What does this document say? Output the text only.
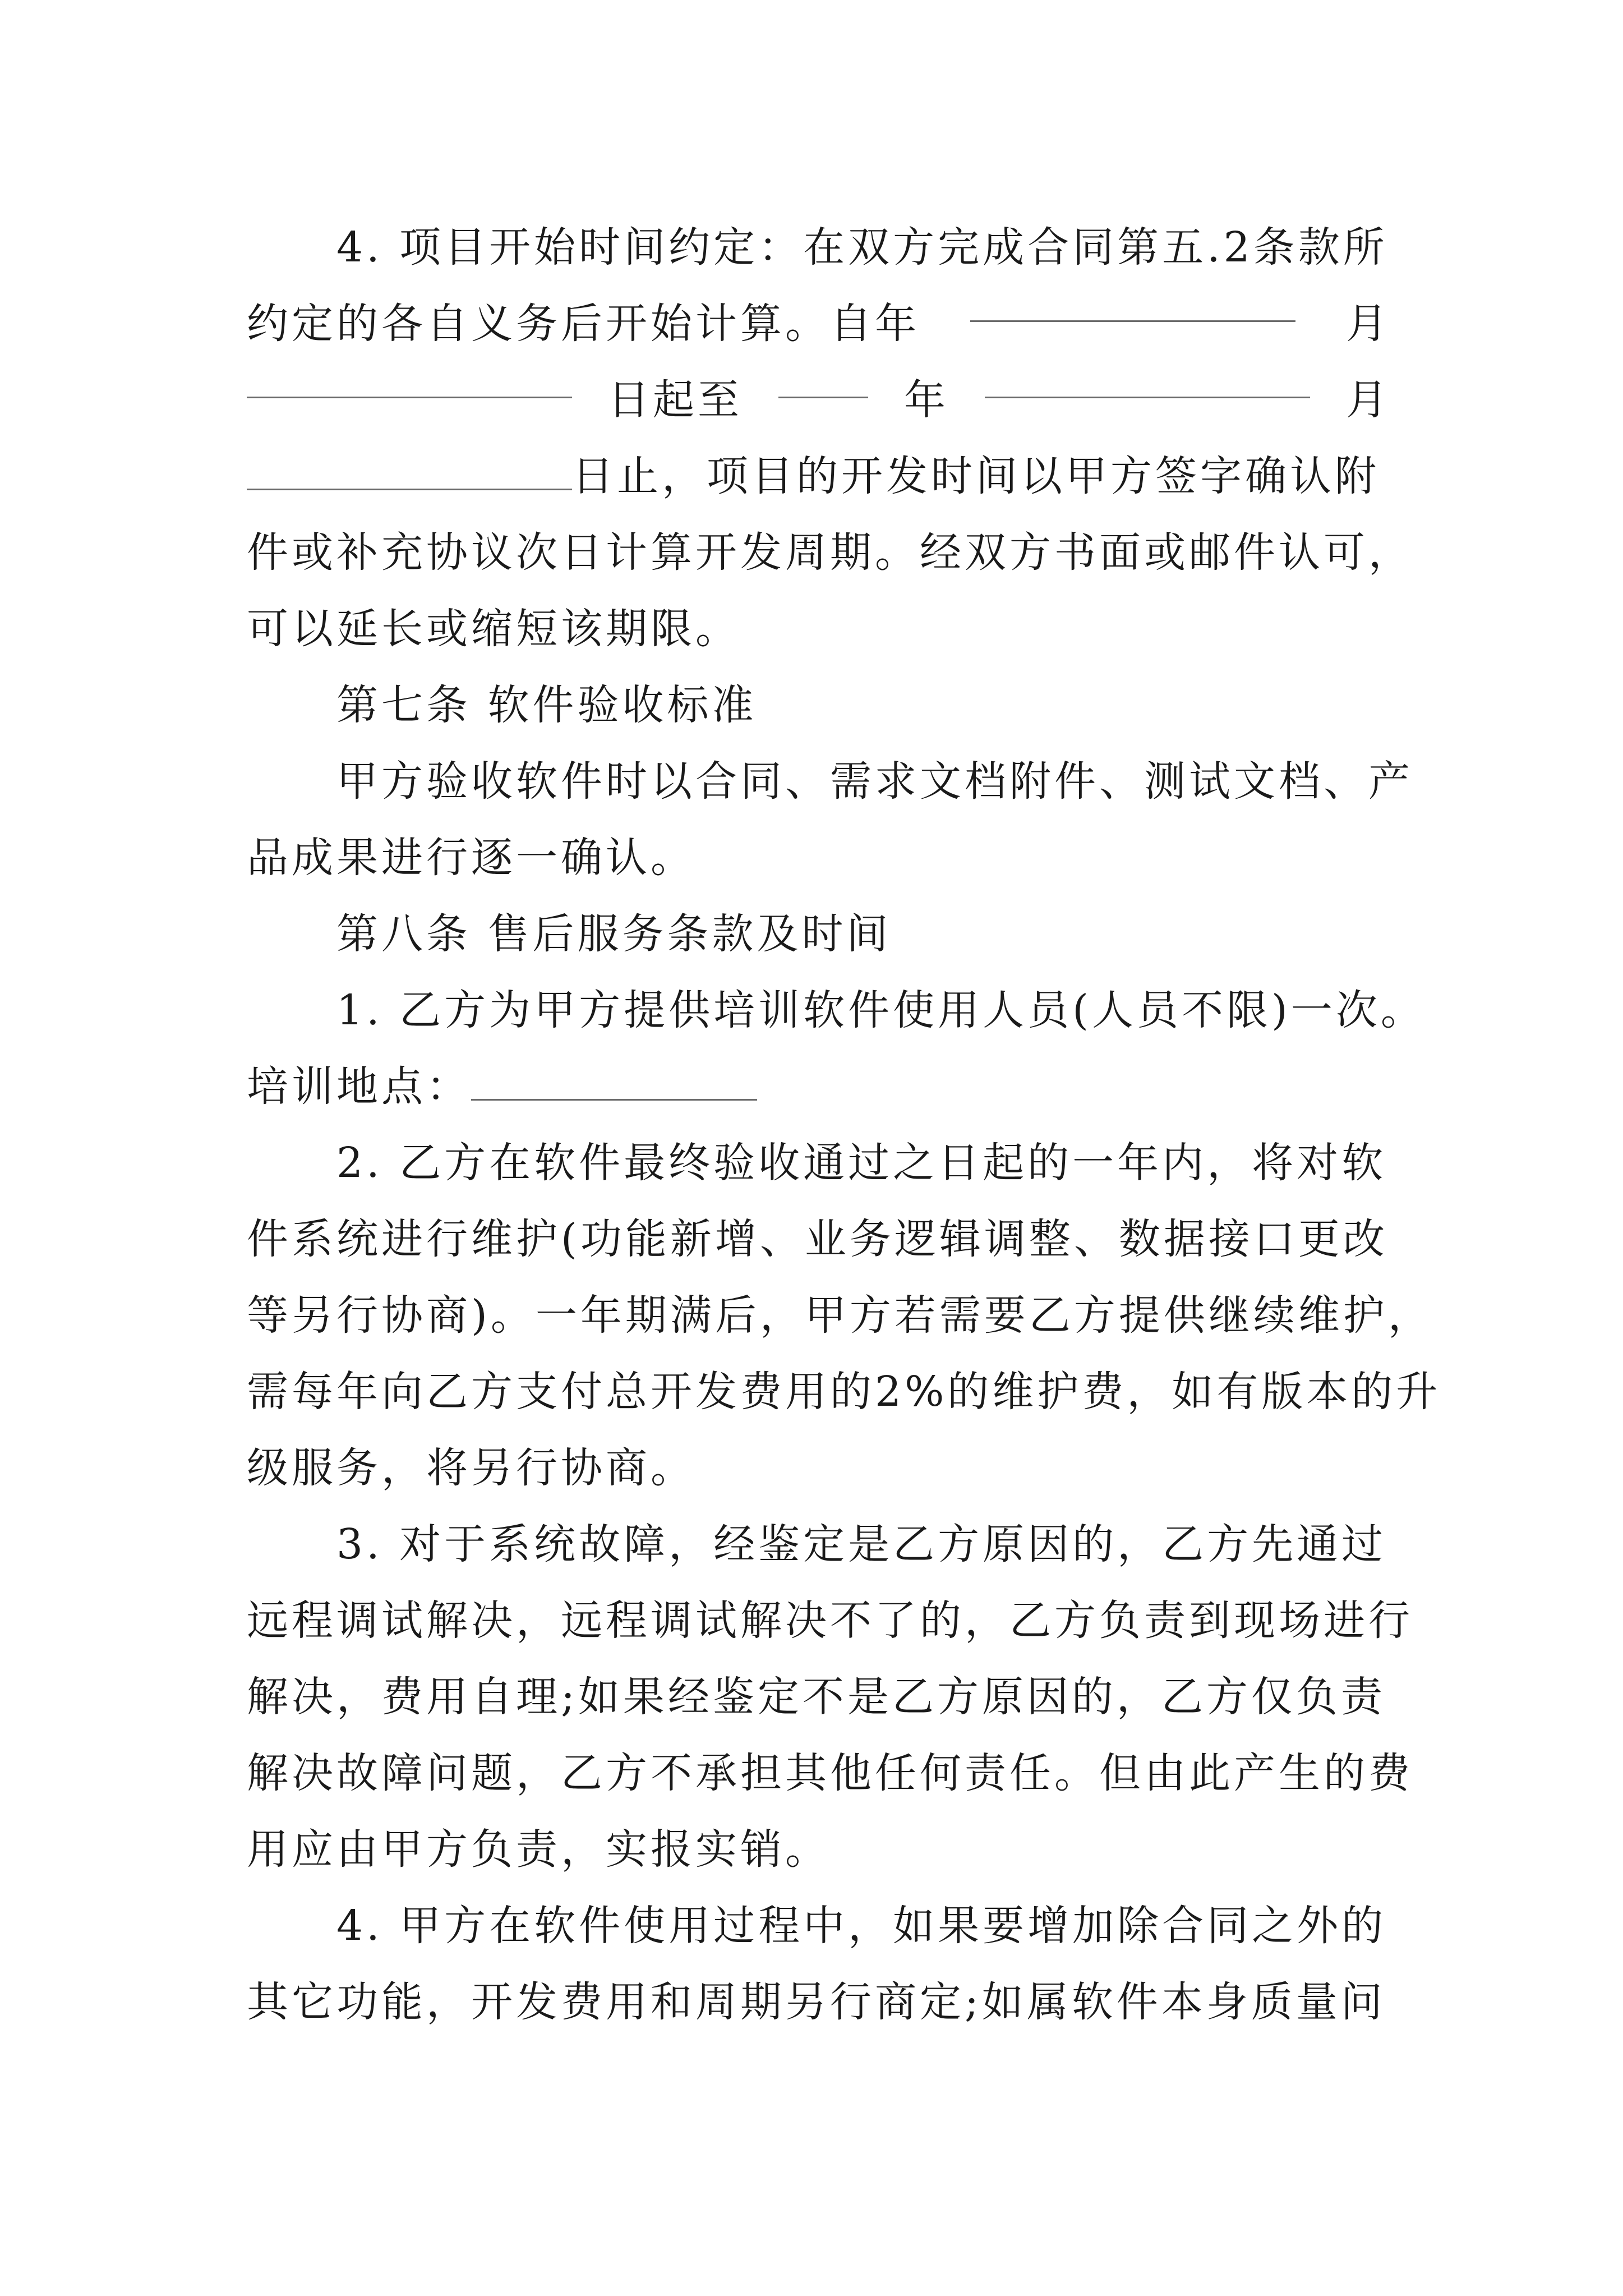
4. 项目开始时间约定：在双方完成合同第五.2条款所
约定的各自义务后开始计算。自年	月
日起至	年	月
日止，项目的开发时间以甲方签字确认附
件或补充协议次日计算开发周期。经双方书面或邮件认可，
可以延长或缩短该期限。
第七条 软件验收标准
甲方验收软件时以合同、需求文档附件、测试文档、产
品成果进行逐一确认。
第八条 售后服务条款及时间
1. 乙方为甲方提供培训软件使用人员(人员不限)一次。
培训地点：
2. 乙方在软件最终验收通过之日起的一年内，将对软
件系统进行维护(功能新增、业务逻辑调整、数据接口更改
等另行协商)。一年期满后，甲方若需要乙方提供继续维护，
需每年向乙方支付总开发费用的2%的维护费，如有版本的升
级服务，将另行协商。
3. 对于系统故障，经鉴定是乙方原因的，乙方先通过
远程调试解决，远程调试解决不了的，乙方负责到现场进行
解决，费用自理;如果经鉴定不是乙方原因的，乙方仅负责
解决故障问题，乙方不承担其他任何责任。但由此产生的费
用应由甲方负责，实报实销。
4. 甲方在软件使用过程中，如果要增加除合同之外的
其它功能，开发费用和周期另行商定;如属软件本身质量问
